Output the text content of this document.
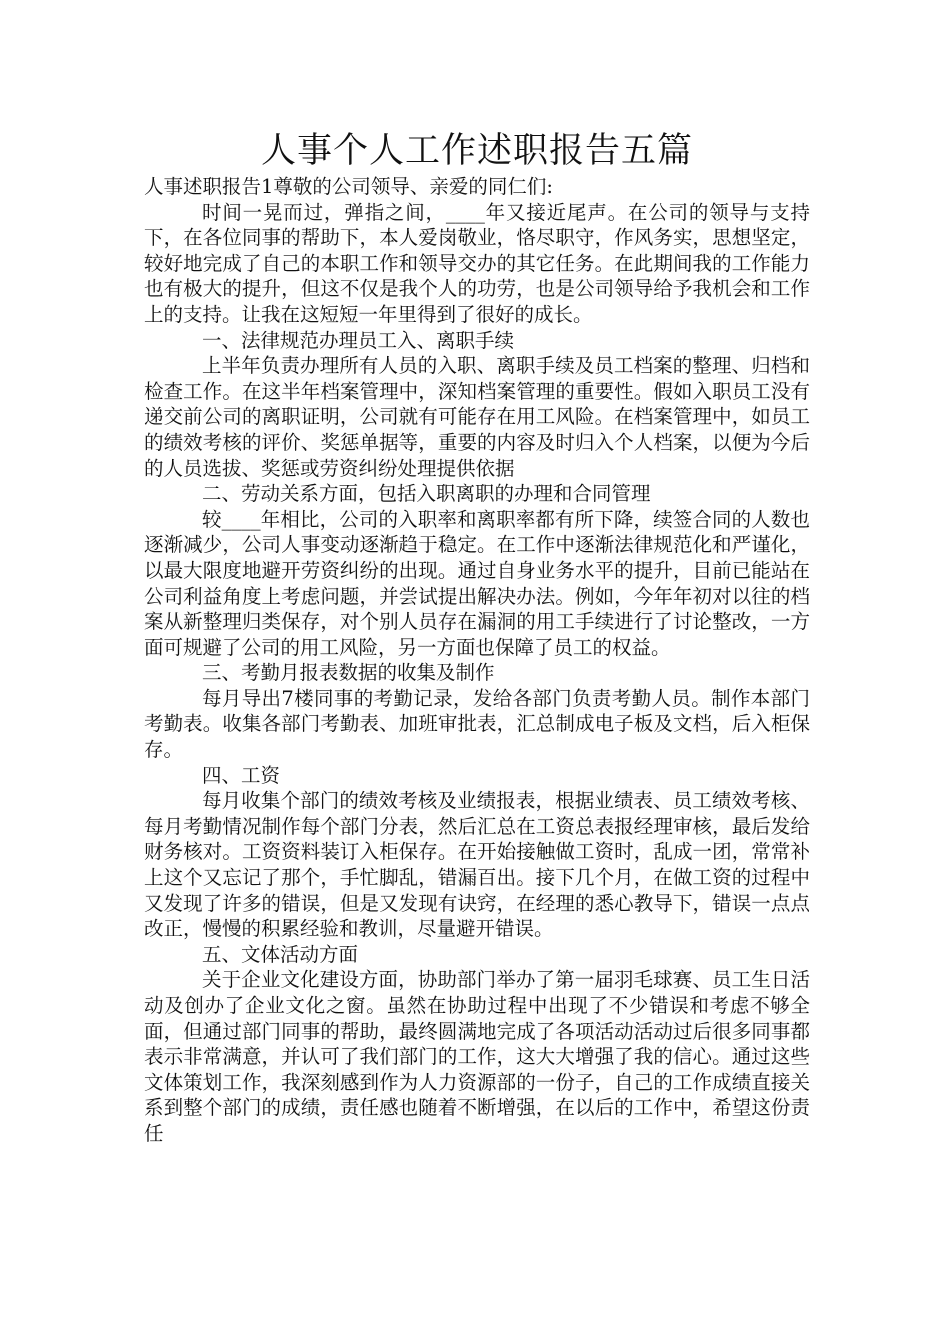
人事个人工作述职报告五篇

人事述职报告1尊敬的公司领导、亲爱的同仁们:

时间一晃而过，弹指之间，____年又接近尾声。在公司的领导与支持下，在各位同事的帮助下，本人爱岗敬业，恪尽职守，作风务实，思想坚定，较好地完成了自己的本职工作和领导交办的其它任务。在此期间我的工作能力也有极大的提升，但这不仅是我个人的功劳，也是公司领导给予我机会和工作上的支持。让我在这短短一年里得到了很好的成长。

一、法律规范办理员工入、离职手续

上半年负责办理所有人员的入职、离职手续及员工档案的整理、归档和检查工作。在这半年档案管理中，深知档案管理的重要性。假如入职员工没有递交前公司的离职证明，公司就有可能存在用工风险。在档案管理中，如员工的绩效考核的评价、奖惩单据等，重要的内容及时归入个人档案，以便为今后的人员选拔、奖惩或劳资纠纷处理提供依据

二、劳动关系方面，包括入职离职的办理和合同管理

较____年相比，公司的入职率和离职率都有所下降，续签合同的人数也逐渐减少，公司人事变动逐渐趋于稳定。在工作中逐渐法律规范化和严谨化，以最大限度地避开劳资纠纷的出现。通过自身业务水平的提升，目前已能站在公司利益角度上考虑问题，并尝试提出解决办法。例如，今年年初对以往的档案从新整理归类保存，对个别人员存在漏洞的用工手续进行了讨论整改，一方面可规避了公司的用工风险，另一方面也保障了员工的权益。

三、考勤月报表数据的收集及制作

每月导出7楼同事的考勤记录，发给各部门负责考勤人员。制作本部门考勤表。收集各部门考勤表、加班审批表，汇总制成电子板及文档，后入柜保存。

四、工资

每月收集个部门的绩效考核及业绩报表，根据业绩表、员工绩效考核、每月考勤情况制作每个部门分表，然后汇总在工资总表报经理审核，最后发给财务核对。工资资料装订入柜保存。在开始接触做工资时，乱成一团，常常补上这个又忘记了那个，手忙脚乱，错漏百出。接下几个月，在做工资的过程中又发现了许多的错误，但是又发现有诀窍，在经理的悉心教导下，错误一点点改正，慢慢的积累经验和教训，尽量避开错误。

五、文体活动方面

关于企业文化建设方面，协助部门举办了第一届羽毛球赛、员工生日活动及创办了企业文化之窗。虽然在协助过程中出现了不少错误和考虑不够全面，但通过部门同事的帮助，最终圆满地完成了各项活动活动过后很多同事都表示非常满意，并认可了我们部门的工作，这大大增强了我的信心。通过这些文体策划工作，我深刻感到作为人力资源部的一份子，自己的工作成绩直接关系到整个部门的成绩，责任感也随着不断增强，在以后的工作中，希望这份责任
